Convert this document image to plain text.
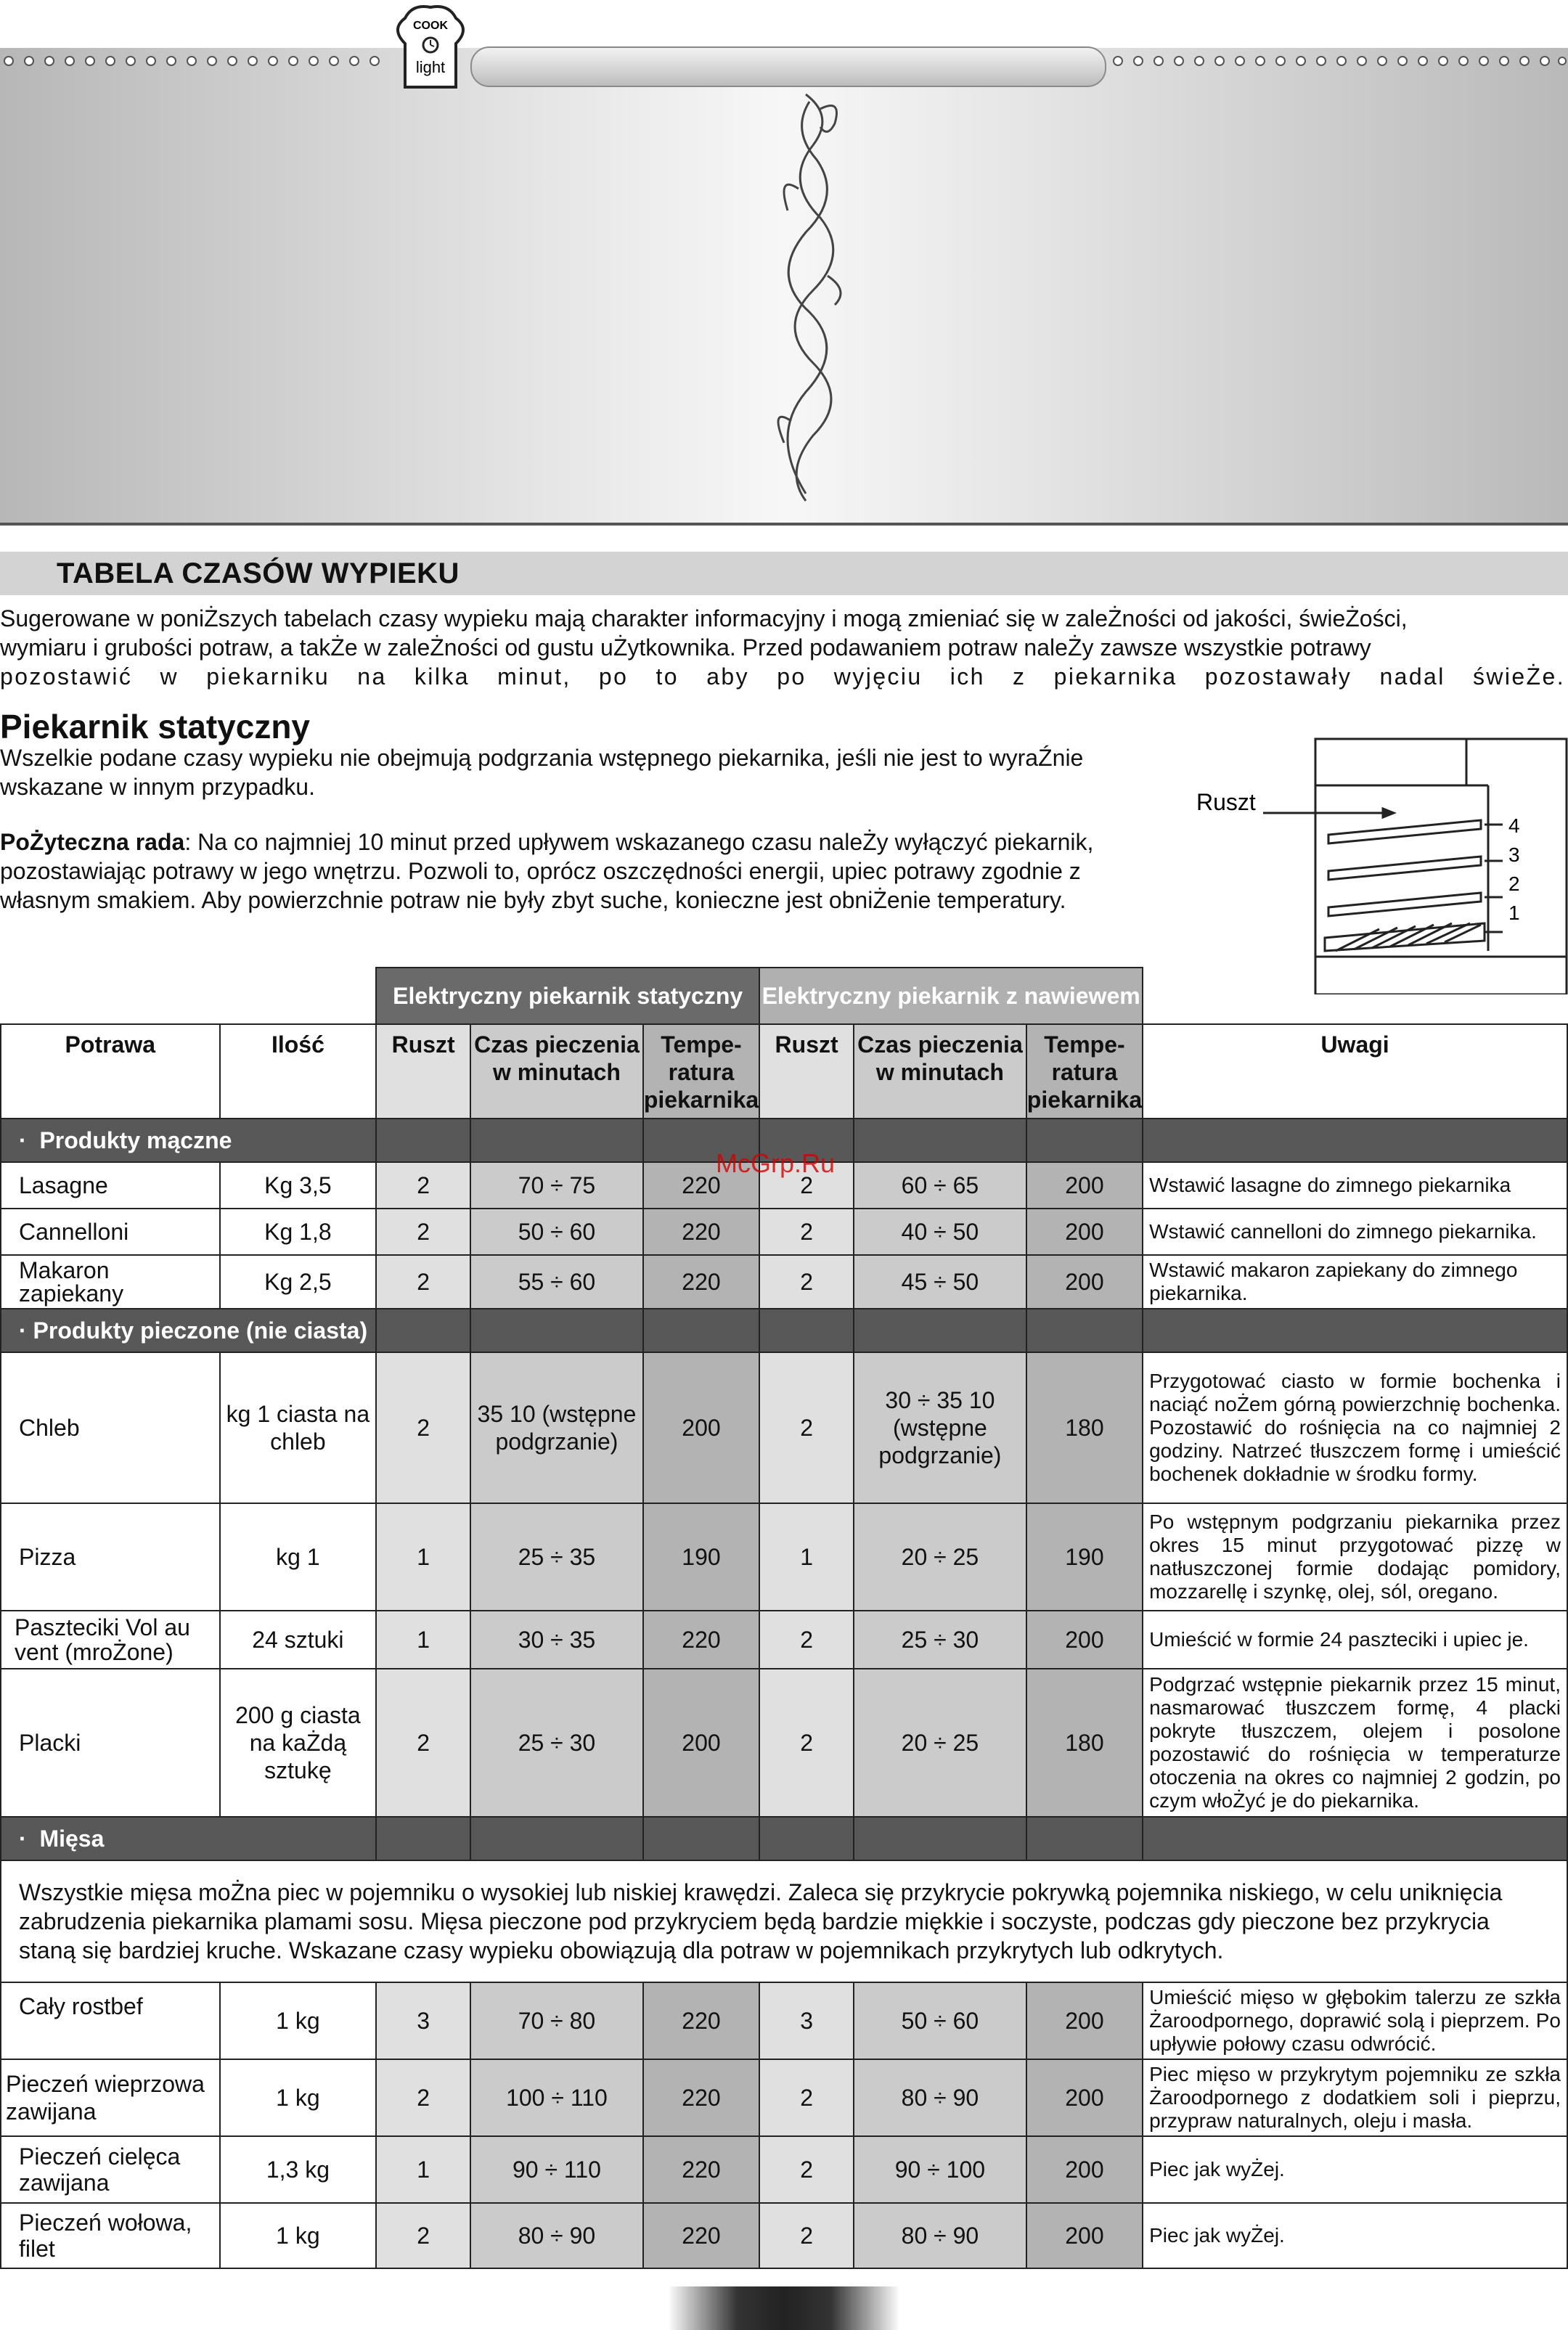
COOK
light
TABELA CZASÓW WYPIEKU
Sugerowane w poniŻszych tabelach czasy wypieku mają charakter informacyjny i mogą zmieniać się w zaleŻności od jakości, świeŻości,
wymiaru i grubości potraw, a takŻe w zaleŻności od gustu uŻytkownika. Przed podawaniem potraw naleŻy zawsze wszystkie potrawy
pozostawić w piekarniku na kilka minut, po to aby po wyjęciu ich z piekarnika pozostawały nadal świeŻe.
Piekarnik statyczny
Wszelkie podane czasy wypieku nie obejmują podgrzania wstępnego piekarnika, jeśli nie jest to wyraŹnie wskazane w innym przypadku.
PoŻyteczna rada: Na co najmniej 10 minut przed upływem wskazanego czasu naleŻy wyłączyć piekarnik, pozostawiając potrawy w jego wnętrzu. Pozwoli to, oprócz oszczędności energii, upiec potrawy zgodnie z własnym smakiem. Aby powierzchnie potraw nie były zbyt suche, konieczne jest obniŻenie temperatury.
Ruszt
4
3
2
1
		Elektryczny piekarnik statyczny			Elektryczny piekarnik z nawiewem			
Potrawa	Ilość	Ruszt	Czas pieczenia w minutach	Tempe- ratura piekarnika	Ruszt	Czas pieczenia w minutach	Tempe- ratura piekarnika	Uwagi
·  Produkty mączne								
Lasagne	Kg 3,5	2	70 ÷ 75	220	2	60 ÷ 65	200	Wstawić lasagne do zimnego piekarnika
Cannelloni	Kg 1,8	2	50 ÷ 60	220	2	40 ÷ 50	200	Wstawić cannelloni do zimnego piekarnika.
Makaron zapiekany	Kg 2,5	2	55 ÷ 60	220	2	45 ÷ 50	200	Wstawić makaron zapiekany do zimnego piekarnika.
· Produkty pieczone (nie ciasta)								
Chleb	kg 1 ciasta na chleb	2	35 10 (wstępne podgrzanie)	200	2	30 ÷ 35 10 (wstępne podgrzanie)	180	Przygotować ciasto w formie bochenka i naciąć noŻem górną powierzchnię bochenka. Pozostawić do rośnięcia na co najmniej 2 godziny. Natrzeć tłuszczem formę i umieścić bochenek dokładnie w środku formy.
Pizza	kg 1	1	25 ÷ 35	190	1	20 ÷ 25	190	Po wstępnym podgrzaniu piekarnika przez okres 15 minut przygotować pizzę w natłuszczonej formie dodając pomidory, mozzarellę i szynkę, olej, sól, oregano.
Paszteciki Vol au vent (mroŻone)	24 sztuki	1	30 ÷ 35	220	2	25 ÷ 30	200	Umieścić w formie 24 paszteciki i upiec je.
Placki	200 g ciasta na kaŻdą sztukę	2	25 ÷ 30	200	2	20 ÷ 25	180	Podgrzać wstępnie piekarnik przez 15 minut, nasmarować tłuszczem formę, 4 placki pokryte tłuszczem, olejem i posolone pozostawić do rośnięcia w temperaturze otoczenia na okres co najmniej 2 godzin, po czym włoŻyć je do piekarnika.
·  Mięsa								
Wszystkie mięsa moŻna piec w pojemniku o wysokiej lub niskiej krawędzi. Zaleca się przykrycie pokrywką pojemnika niskiego, w celu uniknięcia zabrudzenia piekarnika plamami sosu. Mięsa pieczone pod przykryciem będą bardzie miękkie i soczyste, podczas gdy pieczone bez przykrycia staną się bardziej kruche. Wskazane czasy wypieku obowiązują dla potraw w pojemnikach przykrytych lub odkrytych.								
Cały rostbef	1 kg	3	70 ÷ 80	220	3	50 ÷ 60	200	Umieścić mięso w głębokim talerzu ze szkła Żaroodpornego, doprawić solą i pieprzem. Po upływie połowy czasu odwrócić.
Pieczeń wieprzowa zawijana	1 kg	2	100 ÷ 110	220	2	80 ÷ 90	200	Piec mięso w przykrytym pojemniku ze szkła Żaroodpornego z dodatkiem soli i pieprzu, przypraw naturalnych, oleju i masła.
Pieczeń cielęca zawijana	1,3 kg	1	90 ÷ 110	220	2	90 ÷ 100	200	Piec jak wyŻej.
Pieczeń wołowa, filet	1 kg	2	80 ÷ 90	220	2	80 ÷ 90	200	Piec jak wyŻej.
McGrp.Ru
